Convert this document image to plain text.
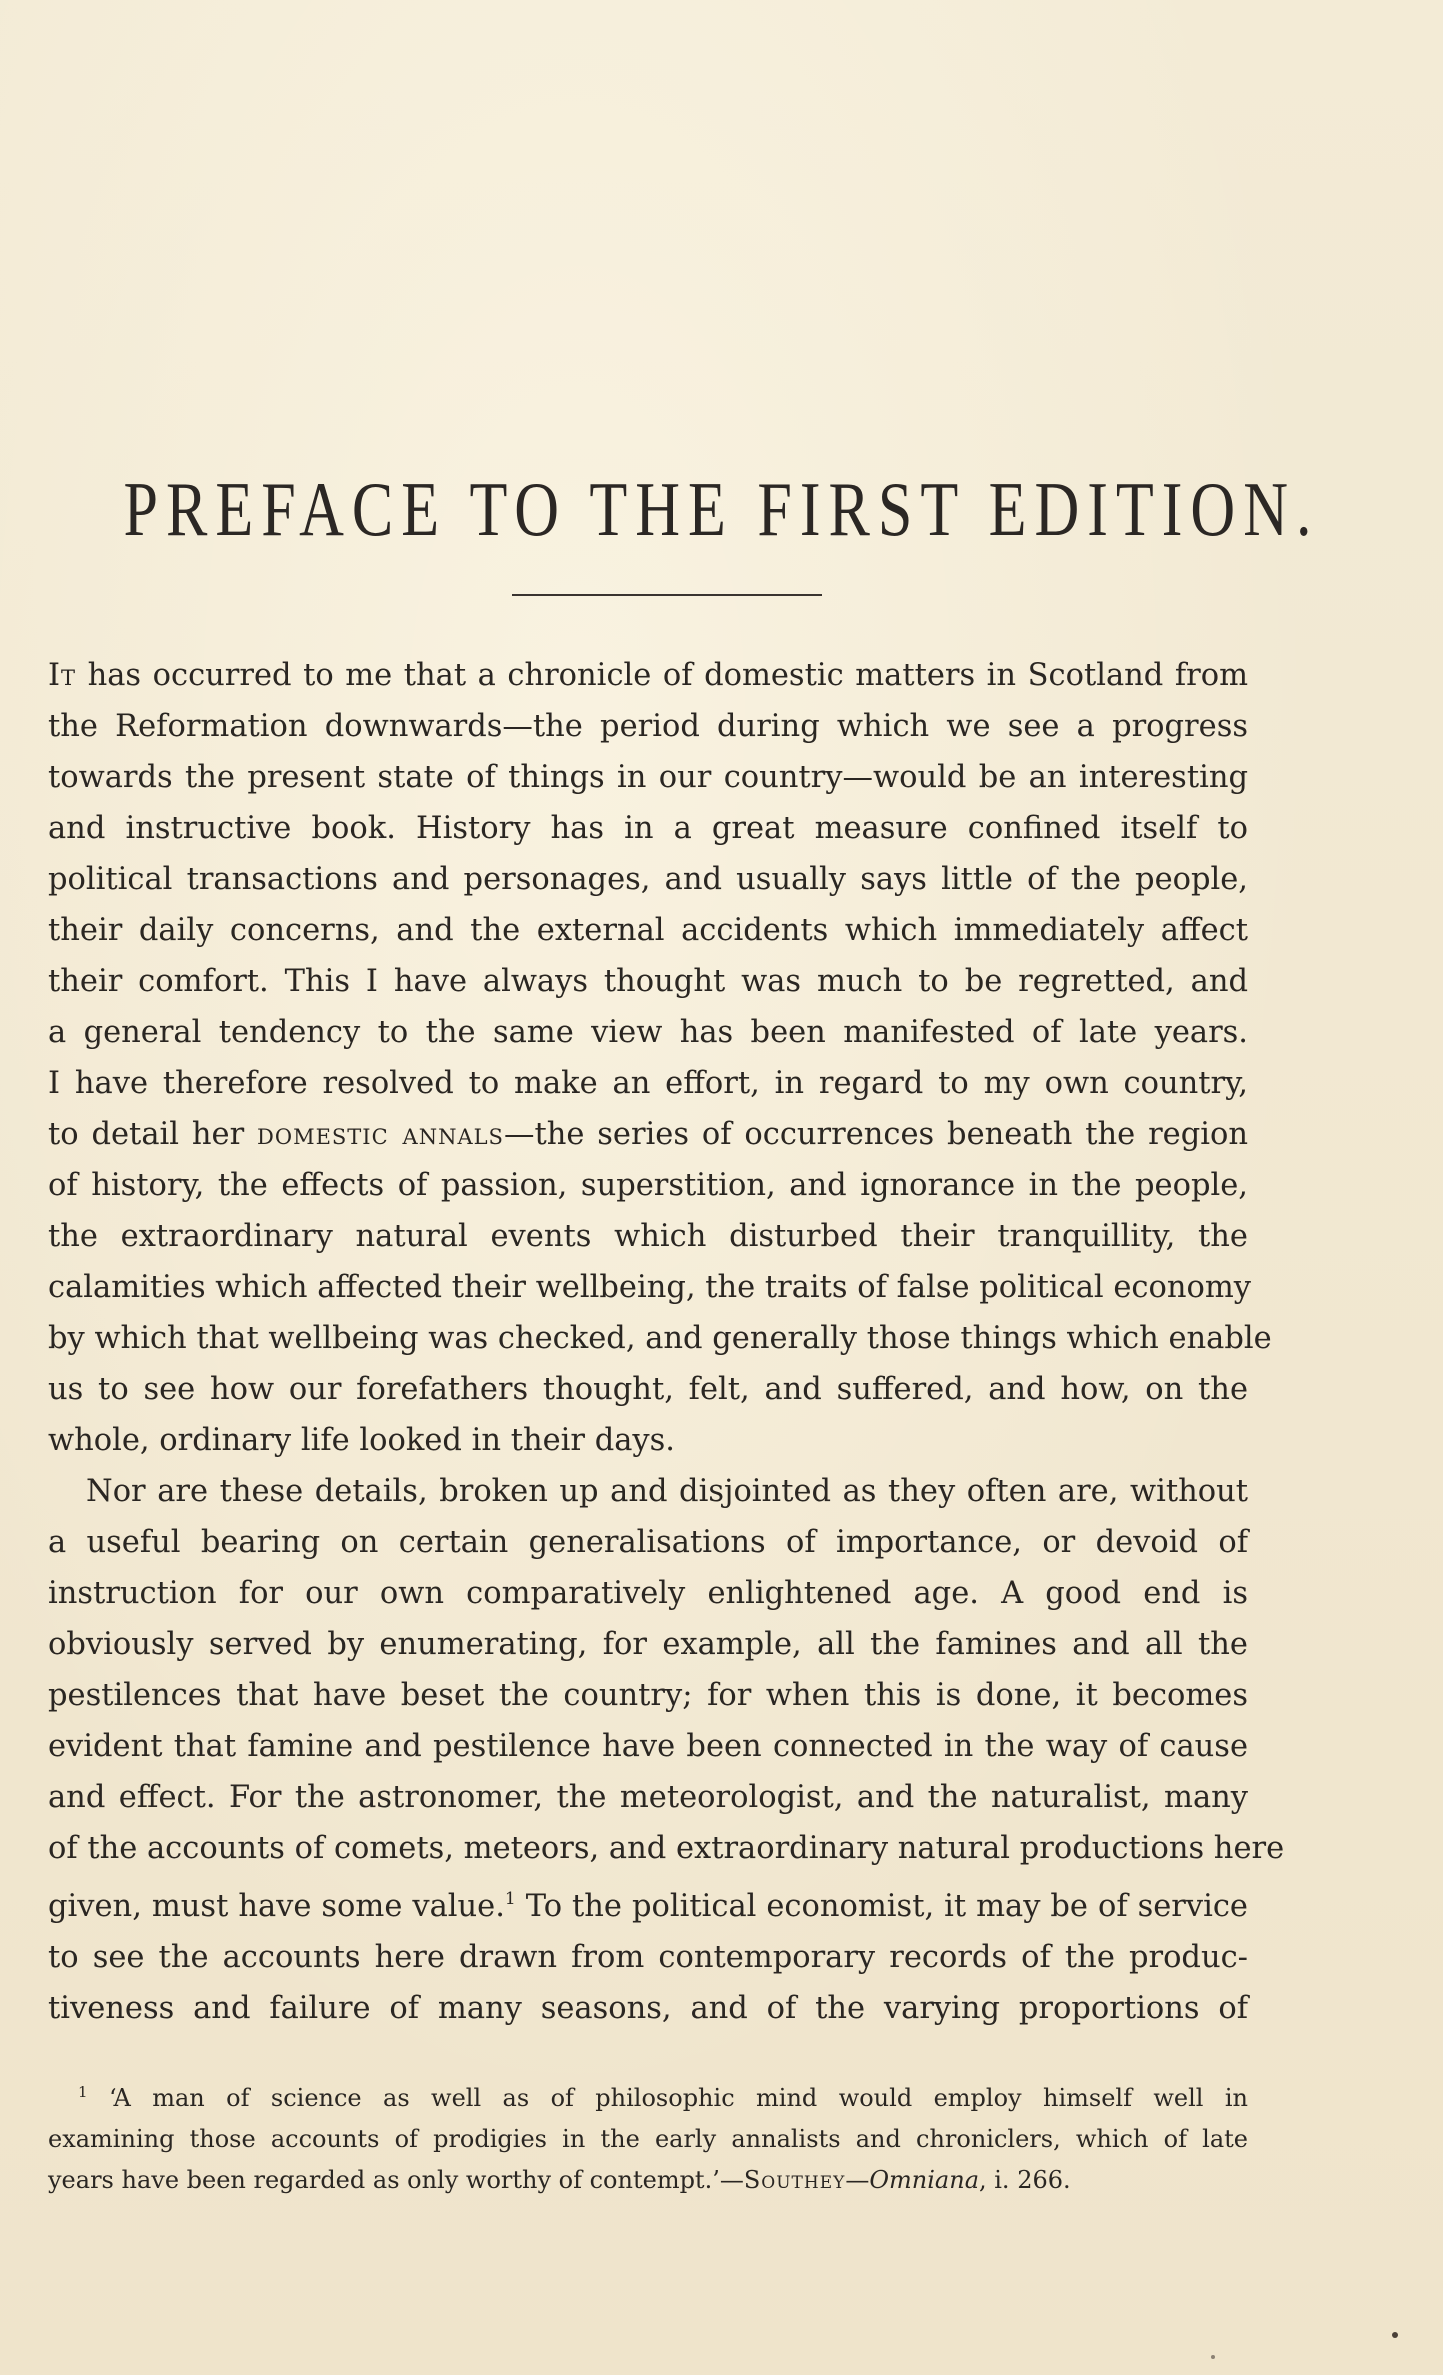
PREFACE TO THE FIRST EDITION.
It has occurred to me that a chronicle of domestic matters in Scotland from
the Reformation downwards—the period during which we see a progress
towards the present state of things in our country—would be an interesting
and instructive book. History has in a great measure confined itself to
political transactions and personages, and usually says little of the people,
their daily concerns, and the external accidents which immediately affect
their comfort. This I have always thought was much to be regretted, and
a general tendency to the same view has been manifested of late years.
I have therefore resolved to make an effort, in regard to my own country,
to detail her domestic annals—the series of occurrences beneath the region
of history, the effects of passion, superstition, and ignorance in the people,
the extraordinary natural events which disturbed their tranquillity, the
calamities which affected their wellbeing, the traits of false political economy
by which that wellbeing was checked, and generally those things which enable
us to see how our forefathers thought, felt, and suffered, and how, on the
whole, ordinary life looked in their days.
Nor are these details, broken up and disjointed as they often are, without
a useful bearing on certain generalisations of importance, or devoid of
instruction for our own comparatively enlightened age. A good end is
obviously served by enumerating, for example, all the famines and all the
pestilences that have beset the country; for when this is done, it becomes
evident that famine and pestilence have been connected in the way of cause
and effect. For the astronomer, the meteorologist, and the naturalist, many
of the accounts of comets, meteors, and extraordinary natural productions here
given, must have some value.$^1$ To the political economist, it may be of service
to see the accounts here drawn from contemporary records of the produc-
tiveness and failure of many seasons, and of the varying proportions of
$^1$ ‘A man of science as well as of philosophic mind would employ himself well in
examining those accounts of prodigies in the early annalists and chroniclers, which of late
years have been regarded as only worthy of contempt.’—Southey—Omniana, i. 266.
